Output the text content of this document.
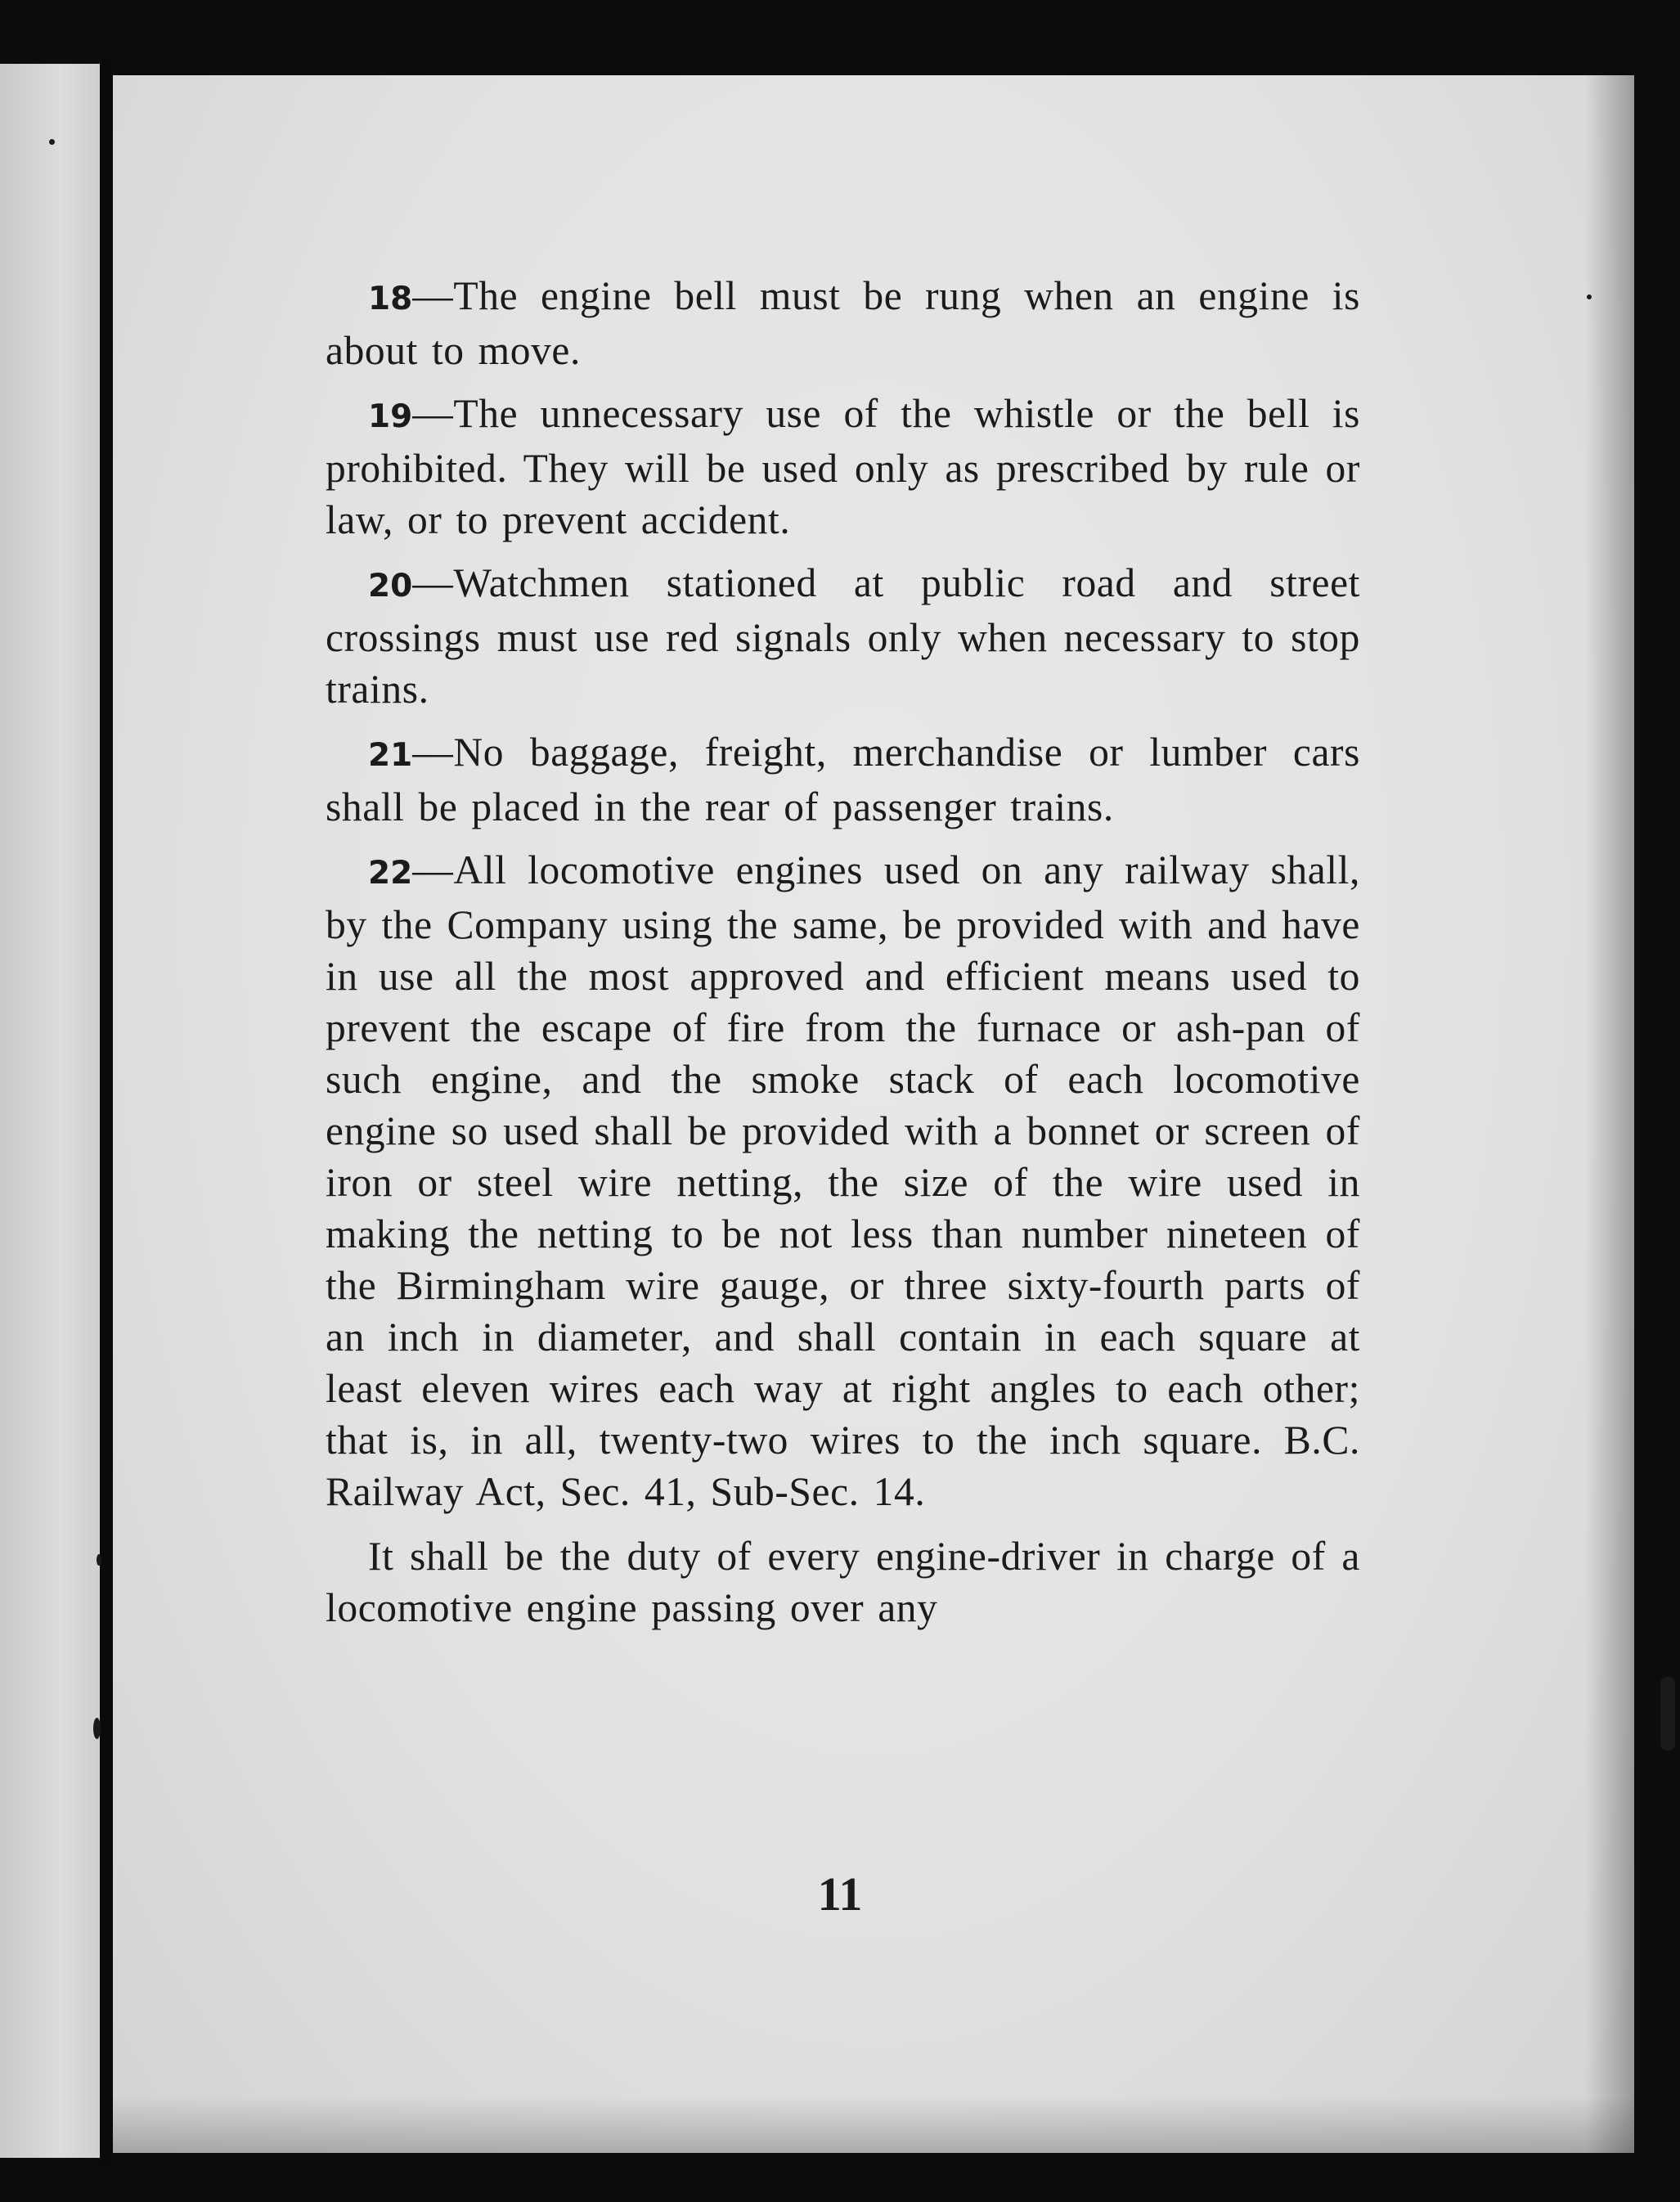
18—The engine bell must be rung when an engine is about to move.

19—The unnecessary use of the whistle or the bell is prohibited. They will be used only as prescribed by rule or law, or to prevent accident.

20—Watchmen stationed at public road and street crossings must use red signals only when necessary to stop trains.

21—No baggage, freight, merchandise or lumber cars shall be placed in the rear of passenger trains.

22—All locomotive engines used on any railway shall, by the Company using the same, be provided with and have in use all the most approved and efficient means used to prevent the escape of fire from the furnace or ash-pan of such engine, and the smoke stack of each locomotive engine so used shall be provided with a bonnet or screen of iron or steel wire netting, the size of the wire used in making the netting to be not less than number nineteen of the Birmingham wire gauge, or three sixty-fourth parts of an inch in diameter, and shall contain in each square at least eleven wires each way at right angles to each other; that is, in all, twenty-two wires to the inch square. B.C. Railway Act, Sec. 41, Sub-Sec. 14.

It shall be the duty of every engine-driver in charge of a locomotive engine passing over any

11
